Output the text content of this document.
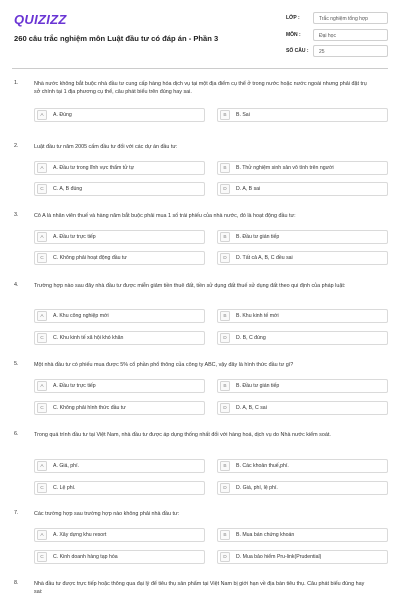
QUIZIZZ
260 câu trắc nghiệm môn Luật đầu tư có đáp án - Phần 3
LỚP :	Trắc nghiệm tổng hợp
MÔN :	Đại học
SỐ CÂU :	25
1.	Nhà nước không bắt buộc nhà đầu tư cung cấp hàng hóa dịch vụ tại một địa điểm cụ thể ở trong nước hoặc nước ngoài nhưng phải đặt trụ sở chính tại 1 địa phương cụ thể, câu phát biểu trên đúng hay sai.
A	A. Đúng	B	B. Sai
2.	Luật đầu tư năm 2005 cấm đầu tư đối với các dự án đầu tư:
A	A. Đầu tư trong lĩnh vực thẩm tử tự	B	B. Thử nghiệm sinh sản vô tính trên người
C	C. A, B đúng	D	D. A, B sai
3.	Cô A là nhân viên thuế và hàng năm bắt buộc phải mua 1 số trái phiếu của nhà nước, đó là hoạt động đầu tư:
A	A. Đầu tư trực tiếp	B	B. Đầu tư gián tiếp
C	C. Không phải hoạt động đầu tư	D	D. Tất cả A, B, C đều sai
4.	Trường hợp nào sau đây nhà đầu tư được miễn giảm tiền thuê đất, tiền sử dụng đất thuế sử dụng đất theo qui định của pháp luật:
A	A. Khu công nghiệp mới	B	B. Khu kinh tế mới
C	C. Khu kinh tế xã hội khó khăn	D	D. B, C đúng
5.	Một nhà đầu tư có phiếu mua được 5% cổ phần phổ thông của công ty ABC, vậy đây là hình thức đầu tư gì?
A	A. Đầu tư trực tiếp	B	B. Đầu tư gián tiếp
C	C. Không phải hình thức đầu tư	D	D. A, B, C sai
6.	Trong quá trình đầu tư tại Việt Nam, nhà đầu tư được áp dụng thống nhất đối với hàng hoá, dịch vụ do Nhà nước kiểm soát.
A	A. Giá, phí.	B	B. Các khoản thuế,phí.
C	C. Lệ phí.	D	D. Giá, phí, lệ phí.
7.	Các trường hợp sau trường hợp nào không phải nhà đầu tư:
A	A. Xây dựng khu resort	B	B. Mua bán chứng khoán
C	C. Kinh doanh hàng tạp hóa	D	D. Mua bảo hiểm Pru-link(Prudential)
8.	Nhà đầu tư được trực tiếp hoặc thông qua đại lý để tiêu thụ sản phẩm tại Việt Nam bị giới hạn về địa bàn tiêu thụ. Câu phát biểu đúng hay sai:
